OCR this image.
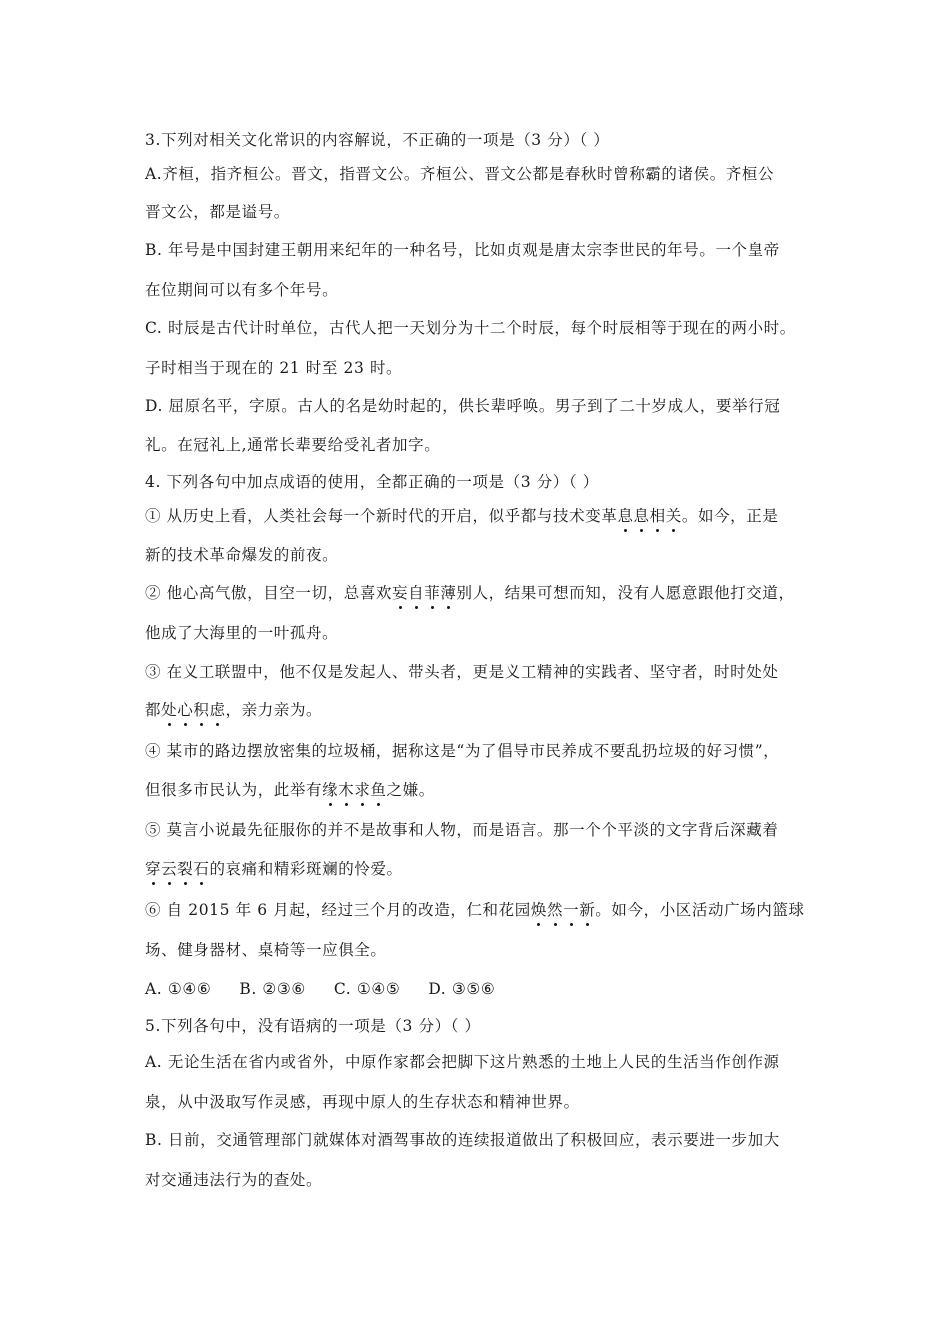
3.下列对相关文化常识的内容解说，不正确的一项是（3 分）（ ）
A.齐桓，指齐桓公。晋文，指晋文公。齐桓公、晋文公都是春秋时曾称霸的诸侯。齐桓公
晋文公，都是谥号。
B. 年号是中国封建王朝用来纪年的一种名号，比如贞观是唐太宗李世民的年号。一个皇帝
在位期间可以有多个年号。
C. 时辰是古代计时单位，古代人把一天划分为十二个时辰，每个时辰相等于现在的两小时。
子时相当于现在的 21 时至 23 时。
D. 屈原名平，字原。古人的名是幼时起的，供长辈呼唤。男子到了二十岁成人，要举行冠
礼。在冠礼上,通常长辈要给受礼者加字。
4. 下列各句中加点成语的使用，全都正确的一项是（3 分）（ ）
① 从历史上看，人类社会每一个新时代的开启，似乎都与技术变革息息相关。如今，正是
新的技术革命爆发的前夜。
② 他心高气傲，目空一切，总喜欢妄自菲薄别人，结果可想而知，没有人愿意跟他打交道，
他成了大海里的一叶孤舟。
③ 在义工联盟中，他不仅是发起人、带头者，更是义工精神的实践者、坚守者，时时处处
都处心积虑，亲力亲为。
④ 某市的路边摆放密集的垃圾桶，据称这是“为了倡导市民养成不要乱扔垃圾的好习惯”，
但很多市民认为，此举有缘木求鱼之嫌。
⑤ 莫言小说最先征服你的并不是故事和人物，而是语言。那一个个平淡的文字背后深藏着
穿云裂石的哀痛和精彩斑斓的怜爱。
⑥ 自 2015 年 6 月起，经过三个月的改造，仁和花园焕然一新。如今，小区活动广场内篮球
场、健身器材、桌椅等一应俱全。
A. ①④⑥ B. ②③⑥ C. ①④⑤ D. ③⑤⑥
5.下列各句中，没有语病的一项是（3 分）（ ）
A. 无论生活在省内或省外，中原作家都会把脚下这片熟悉的土地上人民的生活当作创作源
泉，从中汲取写作灵感，再现中原人的生存状态和精神世界。
B. 日前，交通管理部门就媒体对酒驾事故的连续报道做出了积极回应，表示要进一步加大
对交通违法行为的查处。
